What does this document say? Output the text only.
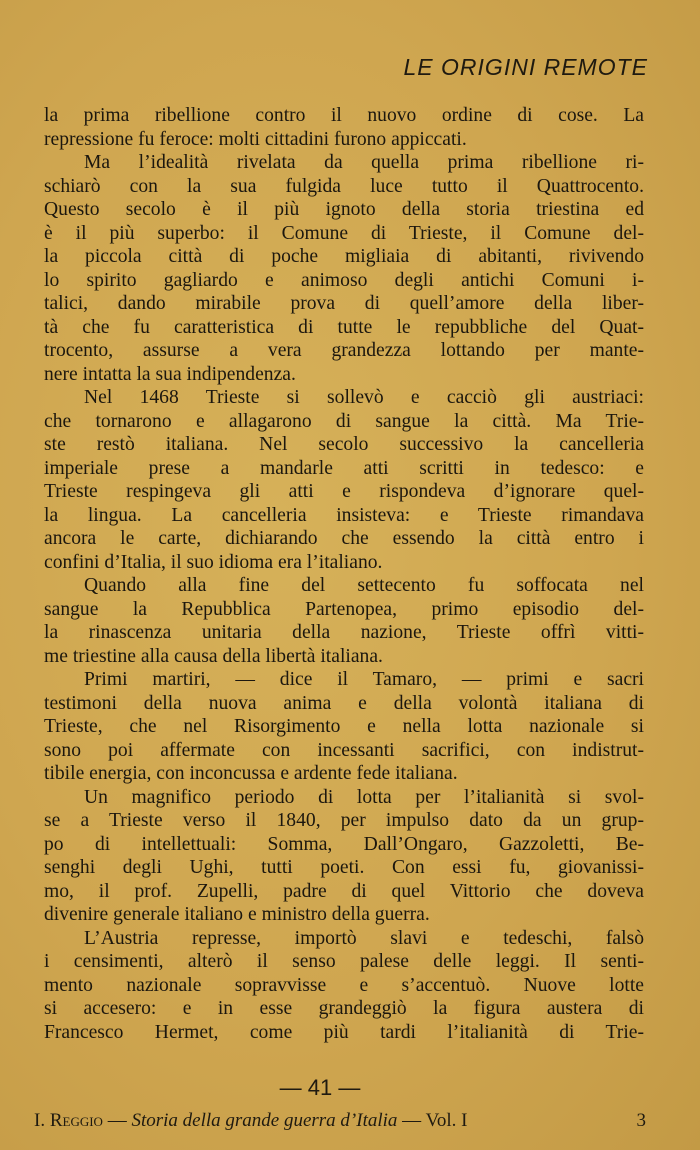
LE ORIGINI REMOTE
la prima ribellione contro il nuovo ordine di cose. La
repressione fu feroce: molti cittadini furono appiccati.
Ma l’idealità rivelata da quella prima ribellione ri-
schiarò con la sua fulgida luce tutto il Quattrocento.
Questo secolo è il più ignoto della storia triestina ed
è il più superbo: il Comune di Trieste, il Comune del-
la piccola città di poche migliaia di abitanti, rivivendo
lo spirito gagliardo e animoso degli antichi Comuni i-
talici, dando mirabile prova di quell’amore della liber-
tà che fu caratteristica di tutte le repubbliche del Quat-
trocento, assurse a vera grandezza lottando per mante-
nere intatta la sua indipendenza.
Nel 1468 Trieste si sollevò e cacciò gli austriaci:
che tornarono e allagarono di sangue la città. Ma Trie-
ste restò italiana. Nel secolo successivo la cancelleria
imperiale prese a mandarle atti scritti in tedesco: e
Trieste respingeva gli atti e rispondeva d’ignorare quel-
la lingua. La cancelleria insisteva: e Trieste rimandava
ancora le carte, dichiarando che essendo la città entro i
confini d’Italia, il suo idioma era l’italiano.
Quando alla fine del settecento fu soffocata nel
sangue la Repubblica Partenopea, primo episodio del-
la rinascenza unitaria della nazione, Trieste offrì vitti-
me triestine alla causa della libertà italiana.
Primi martiri, — dice il Tamaro, — primi e sacri
testimoni della nuova anima e della volontà italiana di
Trieste, che nel Risorgimento e nella lotta nazionale si
sono poi affermate con incessanti sacrifici, con indistrut-
tibile energia, con inconcussa e ardente fede italiana.
Un magnifico periodo di lotta per l’italianità si svol-
se a Trieste verso il 1840, per impulso dato da un grup-
po di intellettuali: Somma, Dall’Ongaro, Gazzoletti, Be-
senghi degli Ughi, tutti poeti. Con essi fu, giovanissi-
mo, il prof. Zupelli, padre di quel Vittorio che doveva
divenire generale italiano e ministro della guerra.
L’Austria represse, importò slavi e tedeschi, falsò
i censimenti, alterò il senso palese delle leggi. Il senti-
mento nazionale sopravvisse e s’accentuò. Nuove lotte
si accesero: e in esse grandeggiò la figura austera di
Francesco Hermet, come più tardi l’italianità di Trie-
— 41 —
I. Reggio — Storia della grande guerra d’Italia — Vol. I	3
